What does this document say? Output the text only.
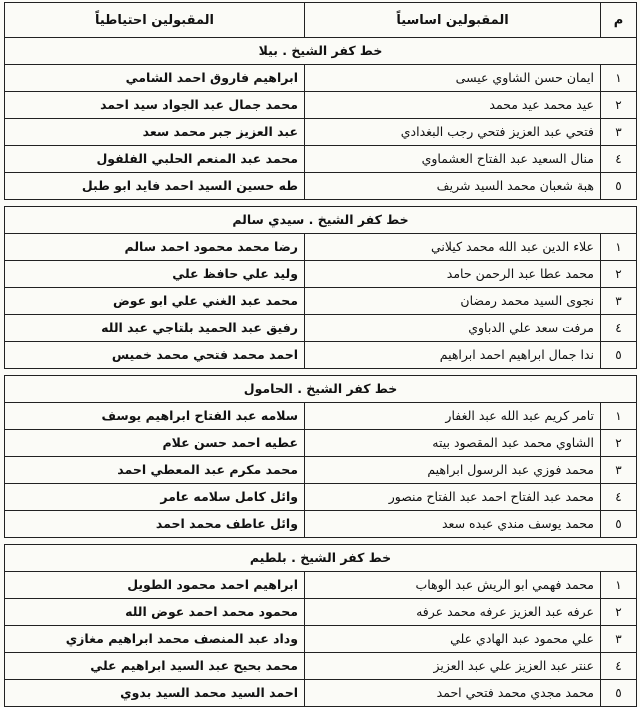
م	المقبولين اساسياً	المقبولين احتياطياً
خط كفر الشيخ . بيلا		
١	ايمان حسن الشاوي عيسى	ابراهيم فاروق احمد الشامي
٢	عيد محمد عيد محمد	محمد جمال عبد الجواد سيد احمد
٣	فتحي عبد العزيز فتحي رجب البغدادي	عبد العزيز جبر محمد سعد
٤	منال السعيد عبد الفتاح العشماوي	محمد عبد المنعم الحلبي الفلفول
٥	هبة شعبان محمد السيد شريف	طه حسين السيد احمد فايد ابو طبل

خط كفر الشيخ . سيدي سالم		
١	علاء الدين عبد الله محمد كيلاني	رضا محمد محمود احمد سالم
٢	محمد عطا عبد الرحمن حامد	وليد علي حافظ علي
٣	نجوى السيد محمد رمضان	محمد عبد الغني علي ابو عوض
٤	مرفت سعد علي الدباوي	رفيق عبد الحميد بلتاجي عبد الله
٥	ندا جمال ابراهيم احمد ابراهيم	احمد محمد فتحي محمد خميس

خط كفر الشيخ . الحامول		
١	تامر كريم عبد الله عبد الغفار	سلامه عبد الفتاح ابراهيم يوسف
٢	الشاوي محمد عبد المقصود بيته	عطيه احمد حسن علام
٣	محمد فوزي عبد الرسول ابراهيم	محمد مكرم عبد المعطي احمد
٤	محمد عبد الفتاح احمد عبد الفتاح منصور	وائل كامل سلامه عامر
٥	محمد يوسف مندي عبده سعد	وائل عاطف محمد احمد

خط كفر الشيخ . بلطيم		
١	محمد فهمي ابو الريش عبد الوهاب	ابراهيم احمد محمود الطويل
٢	عرفه عبد العزيز عرفه محمد عرفه	محمود محمد احمد عوض الله
٣	علي محمود عبد الهادي علي	وداد عبد المنصف محمد ابراهيم مغازي
٤	عنتر عبد العزيز علي عبد العزيز	محمد بحيح عبد السيد ابراهيم علي
٥	محمد مجدي محمد فتحي احمد	احمد السيد محمد السيد بدوي
